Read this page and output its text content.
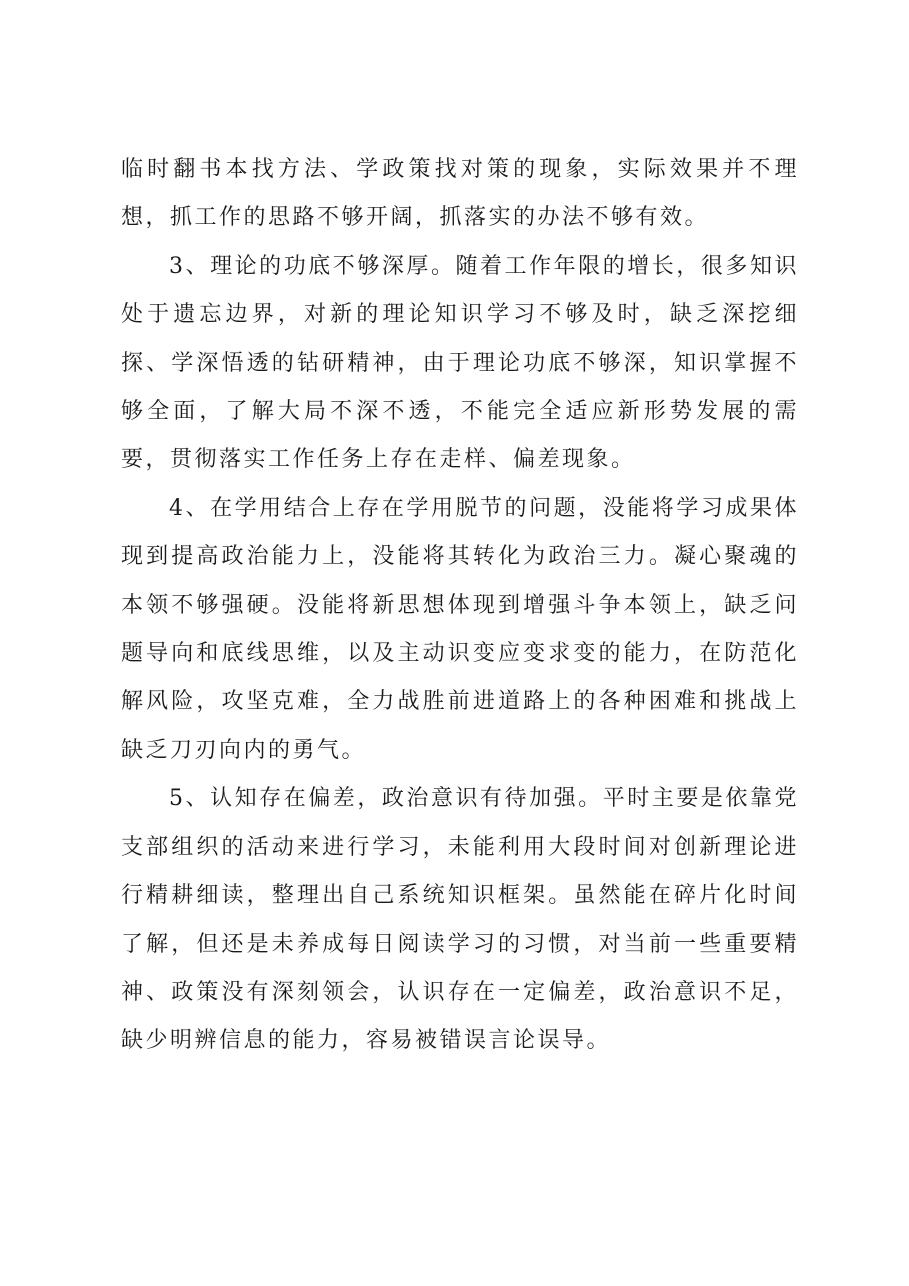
临时翻书本找方法、学政策找对策的现象，实际效果并不理想，抓工作的思路不够开阔，抓落实的办法不够有效。

3、理论的功底不够深厚。随着工作年限的增长，很多知识处于遗忘边界，对新的理论知识学习不够及时，缺乏深挖细探、学深悟透的钻研精神，由于理论功底不够深，知识掌握不够全面，了解大局不深不透，不能完全适应新形势发展的需要，贯彻落实工作任务上存在走样、偏差现象。

4、在学用结合上存在学用脱节的问题，没能将学习成果体现到提高政治能力上，没能将其转化为政治三力。凝心聚魂的本领不够强硬。没能将新思想体现到增强斗争本领上，缺乏问题导向和底线思维，以及主动识变应变求变的能力，在防范化解风险，攻坚克难，全力战胜前进道路上的各种困难和挑战上缺乏刀刃向内的勇气。

5、认知存在偏差，政治意识有待加强。平时主要是依靠党支部组织的活动来进行学习，未能利用大段时间对创新理论进行精耕细读，整理出自己系统知识框架。虽然能在碎片化时间了解，但还是未养成每日阅读学习的习惯，对当前一些重要精神、政策没有深刻领会，认识存在一定偏差，政治意识不足，缺少明辨信息的能力，容易被错误言论误导。
